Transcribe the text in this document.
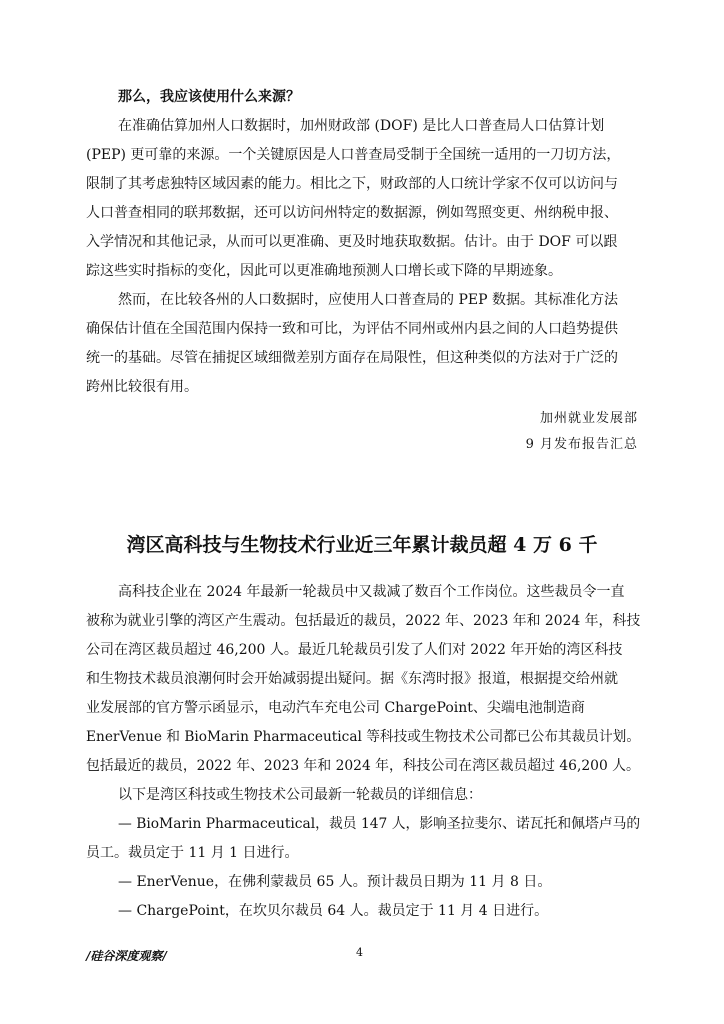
那么，我应该使用什么来源？
在准确估算加州人口数据时，加州财政部 (DOF) 是比人口普查局人口估算计划
(PEP) 更可靠的来源。一个关键原因是人口普查局受制于全国统一适用的一刀切方法，
限制了其考虑独特区域因素的能力。相比之下，财政部的人口统计学家不仅可以访问与
人口普查相同的联邦数据，还可以访问州特定的数据源，例如驾照变更、州纳税申报、
入学情况和其他记录，从而可以更准确、更及时地获取数据。估计。由于 DOF 可以跟
踪这些实时指标的变化，因此可以更准确地预测人口增长或下降的早期迹象。
然而，在比较各州的人口数据时，应使用人口普查局的 PEP 数据。其标准化方法
确保估计值在全国范围内保持一致和可比，为评估不同州或州内县之间的人口趋势提供
统一的基础。尽管在捕捉区域细微差别方面存在局限性，但这种类似的方法对于广泛的
跨州比较很有用。
加州就业发展部
9 月发布报告汇总
湾区高科技与生物技术行业近三年累计裁员超 4 万 6 千
高科技企业在 2024 年最新一轮裁员中又裁减了数百个工作岗位。这些裁员令一直
被称为就业引擎的湾区产生震动。包括最近的裁员，2022 年、2023 年和 2024 年，科技
公司在湾区裁员超过 46,200 人。最近几轮裁员引发了人们对 2022 年开始的湾区科技
和生物技术裁员浪潮何时会开始减弱提出疑问。据《东湾时报》报道，根据提交给州就
业发展部的官方警示函显示，电动汽车充电公司 ChargePoint、尖端电池制造商
EnerVenue 和 BioMarin Pharmaceutical 等科技或生物技术公司都已公布其裁员计划。
包括最近的裁员，2022 年、2023 年和 2024 年，科技公司在湾区裁员超过 46,200 人。
以下是湾区科技或生物技术公司最新一轮裁员的详细信息：
— BioMarin Pharmaceutical，裁员 147 人，影响圣拉斐尔、诺瓦托和佩塔卢马的
员工。裁员定于 11 月 1 日进行。
— EnerVenue，在佛利蒙裁员 65 人。预计裁员日期为 11 月 8 日。
— ChargePoint，在坎贝尔裁员 64 人。裁员定于 11 月 4 日进行。
/硅谷深度观察/	4
